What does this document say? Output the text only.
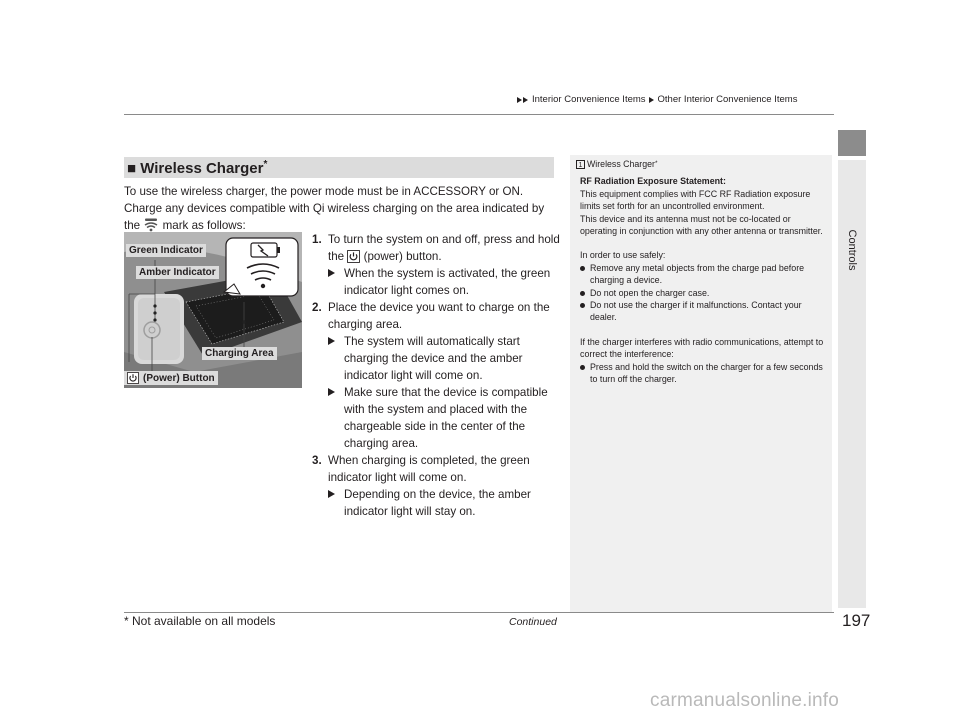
Interior Convenience Items Other Interior Convenience Items
Controls
■ Wireless Charger*

To use the wireless charger, the power mode must be in ACCESSORY or ON.

Charge any devices compatible with Qi wireless charging on the area indicated by

the mark as follows:

Green Indicator
Amber Indicator
Charging Area
(Power) Button
1. To turn the system on and off, press and hold the (power) button.
When the system is activated, the green indicator light comes on.
2. Place the device you want to charge on the charging area.
The system will automatically start charging the device and the amber indicator light will come on.
Make sure that the device is compatible with the system and placed with the chargeable side in the center of the charging area.
3. When charging is completed, the green indicator light will come on.
Depending on the device, the amber indicator light will stay on.
1 Wireless Charger *

RF Radiation Exposure Statement:

This equipment complies with FCC RF Radiation exposure limits set forth for an uncontrolled environment.

This device and its antenna must not be co-located or operating in conjunction with any other antenna or transmitter.

In order to use safely:

Remove any metal objects from the charge pad before charging a device.
Do not open the charger case.
Do not use the charger if it malfunctions. Contact your dealer.

If the charger interferes with radio communications, attempt to correct the interference:

Press and hold the switch on the charger for a few seconds to turn off the charger.
* Not available on all models	Continued	197
carmanualsonline.info
